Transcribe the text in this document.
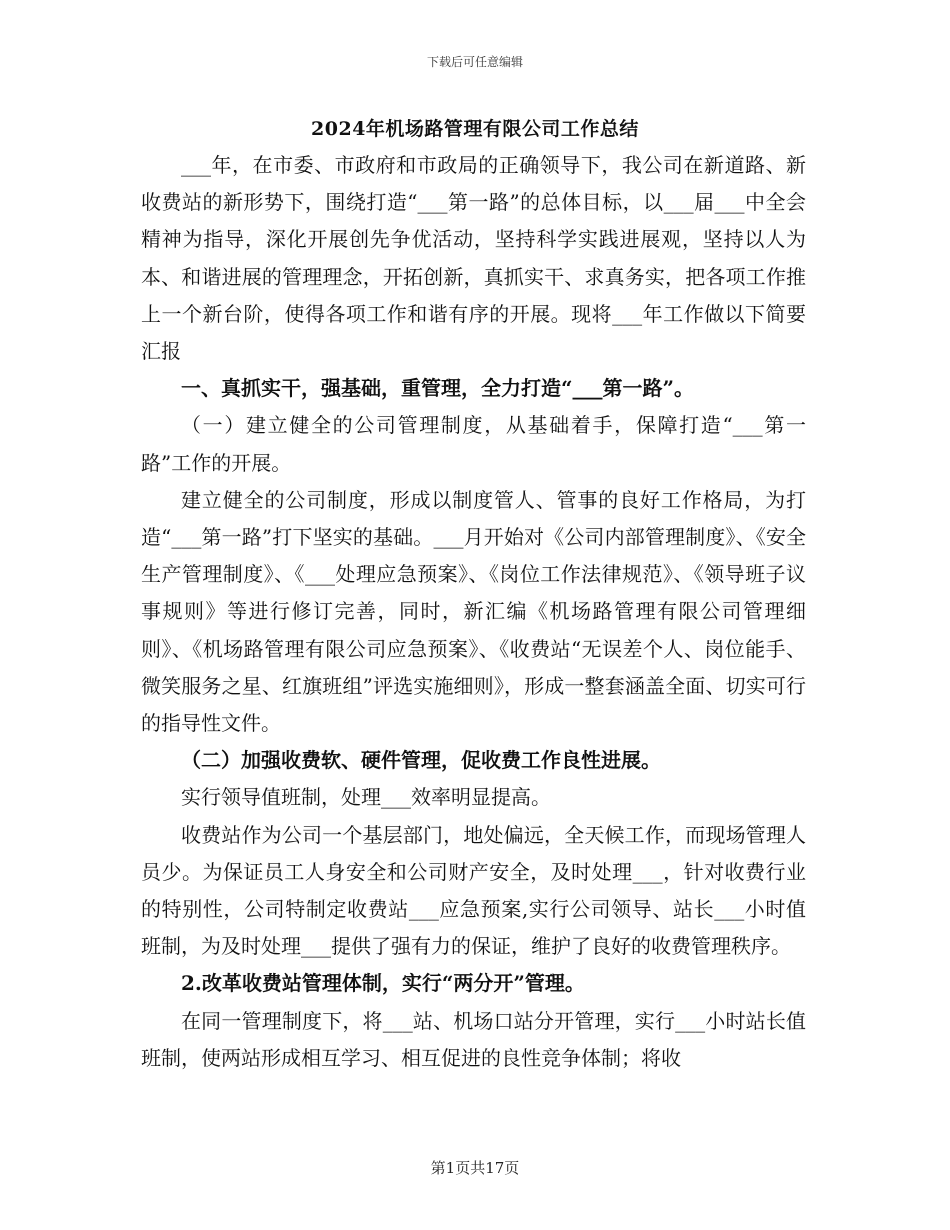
下载后可任意编辑
2024年机场路管理有限公司工作总结

___年，在市委、市政府和市政局的正确领导下，我公司在新道路、新收费站的新形势下，围绕打造“___第一路”的总体目标，以___届___中全会精神为指导，深化开展创先争优活动，坚持科学实践进展观，坚持以人为本、和谐进展的管理理念，开拓创新，真抓实干、求真务实，把各项工作推上一个新台阶，使得各项工作和谐有序的开展。现将___年工作做以下简要汇报

一、真抓实干，强基础，重管理，全力打造“___第一路”。

（一）建立健全的公司管理制度，从基础着手，保障打造“___第一路”工作的开展。

建立健全的公司制度，形成以制度管人、管事的良好工作格局，为打造“___第一路”打下坚实的基础。___月开始对《公司内部管理制度》、《安全生产管理制度》、《___处理应急预案》、《岗位工作法律规范》、《领导班子议事规则》等进行修订完善，同时，新汇编《机场路管理有限公司管理细则》、《机场路管理有限公司应急预案》、《收费站“无误差个人、岗位能手、微笑服务之星、红旗班组”评选实施细则》，形成一整套涵盖全面、切实可行的指导性文件。

（二）加强收费软、硬件管理，促收费工作良性进展。

实行领导值班制，处理___效率明显提高。

收费站作为公司一个基层部门，地处偏远，全天候工作，而现场管理人员少。为保证员工人身安全和公司财产安全，及时处理___，针对收费行业的特别性，公司特制定收费站___应急预案,实行公司领导、站长___小时值班制，为及时处理___提供了强有力的保证，维护了良好的收费管理秩序。

2.改革收费站管理体制，实行“两分开”管理。

在同一管理制度下，将___站、机场口站分开管理，实行___小时站长值班制，使两站形成相互学习、相互促进的良性竞争体制；将收

第1页共17页
